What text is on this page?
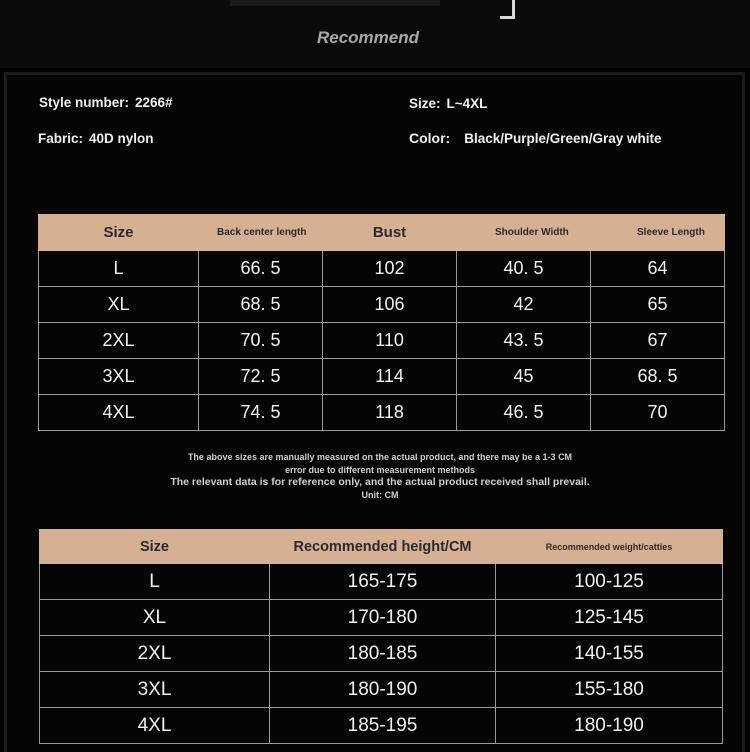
Recommend
Style number: 2266#	Size: L~4XL
Fabric: 40D nylon	Color: Black/Purple/Green/Gray white
Size	Back center length	Bust	Shoulder Width	Sleeve Length
L	66. 5	102	40. 5	64
XL	68. 5	106	42	65
2XL	70. 5	110	43. 5	67
3XL	72. 5	114	45	68. 5
4XL	74. 5	118	46. 5	70
The above sizes are manually measured on the actual product, and there may be a 1-3 CM
error due to different measurement methods
The relevant data is for reference only, and the actual product received shall prevail.
Unit: CM
Size	Recommended height/CM	Recommended weight/catties
L	165-175	100-125
XL	170-180	125-145
2XL	180-185	140-155
3XL	180-190	155-180
4XL	185-195	180-190
